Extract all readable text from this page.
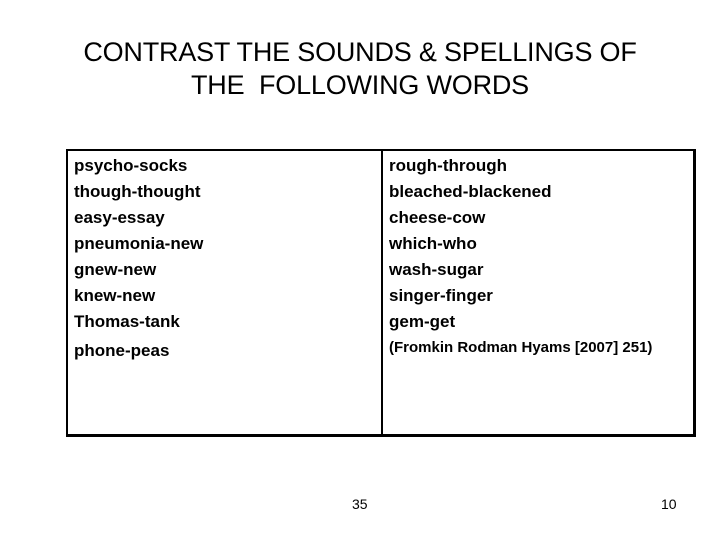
CONTRAST THE SOUNDS & SPELLINGS OF
THE  FOLLOWING WORDS
psycho-socks
though-thought
easy-essay
pneumonia-new
gnew-new
knew-new
Thomas-tank
phone-peas
rough-through
bleached-blackened
cheese-cow
which-who
wash-sugar
singer-finger
gem-get
(Fromkin Rodman Hyams [2007] 251)
35	10
